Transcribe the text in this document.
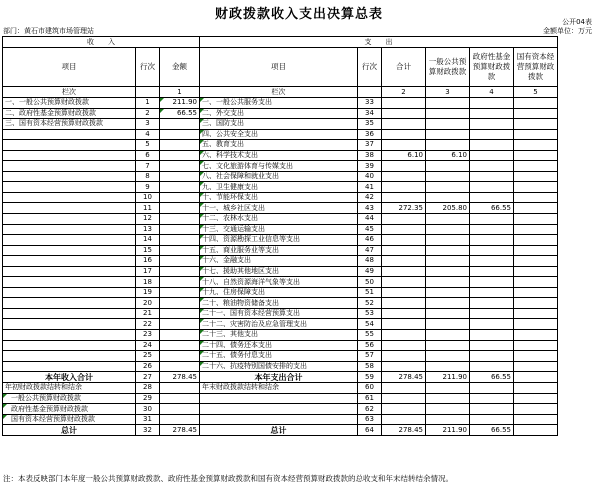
财政拨款收入支出决算总表	公开04表
部门：黄石市建筑市场管理站	金额单位：万元
收　　入			支　　出					
项目	行次	金额	项目	行次	合计	一般公共预算财政拨款	政府性基金预算财政拨款	国有资本经营预算财政拨款
栏次		1	栏次		2	3	4	5
一、一般公共预算财政拨款	1	211.90	一、一般公共服务支出	33				
二、政府性基金预算财政拨款	2	66.55	二、外交支出	34				
三、国有资本经营预算财政拨款	3		三、国防支出	35				
	4		四、公共安全支出	36				
	5		五、教育支出	37				
	6		六、科学技术支出	38	6.10	6.10		
	7		七、文化旅游体育与传媒支出	39				
	8		八、社会保障和就业支出	40				
	9		九、卫生健康支出	41				
	10		十、节能环保支出	42				
	11		十一、城乡社区支出	43	272.35	205.80	66.55	
	12		十二、农林水支出	44				
	13		十三、交通运输支出	45				
	14		十四、资源勘探工业信息等支出	46				
	15		十五、商业服务业等支出	47				
	16		十六、金融支出	48				
	17		十七、援助其他地区支出	49				
	18		十八、自然资源海洋气象等支出	50				
	19		十九、住房保障支出	51				
	20		二十、粮油物资储备支出	52				
	21		二十一、国有资本经营预算支出	53				
	22		二十二、灾害防治及应急管理支出	54				
	23		二十三、其他支出	55				
	24		二十四、债务还本支出	56				
	25		二十五、债务付息支出	57				
	26		二十六、抗疫特别国债安排的支出	58				
本年收入合计	27	278.45	本年支出合计	59	278.45	211.90	66.55	
年初财政拨款结转和结余	28		年末财政拨款结转和结余	60				

一般公共预算财政拨款	29			61				

政府性基金预算财政拨款	30			62				

国有资本经营预算财政拨款	31			63				
总计	32	278.45	总计	64	278.45	211.90	66.55	
注：本表反映部门本年度一般公共预算财政拨款、政府性基金预算财政拨款和国有资本经营预算财政拨款的总收支和年末结转结余情况。
